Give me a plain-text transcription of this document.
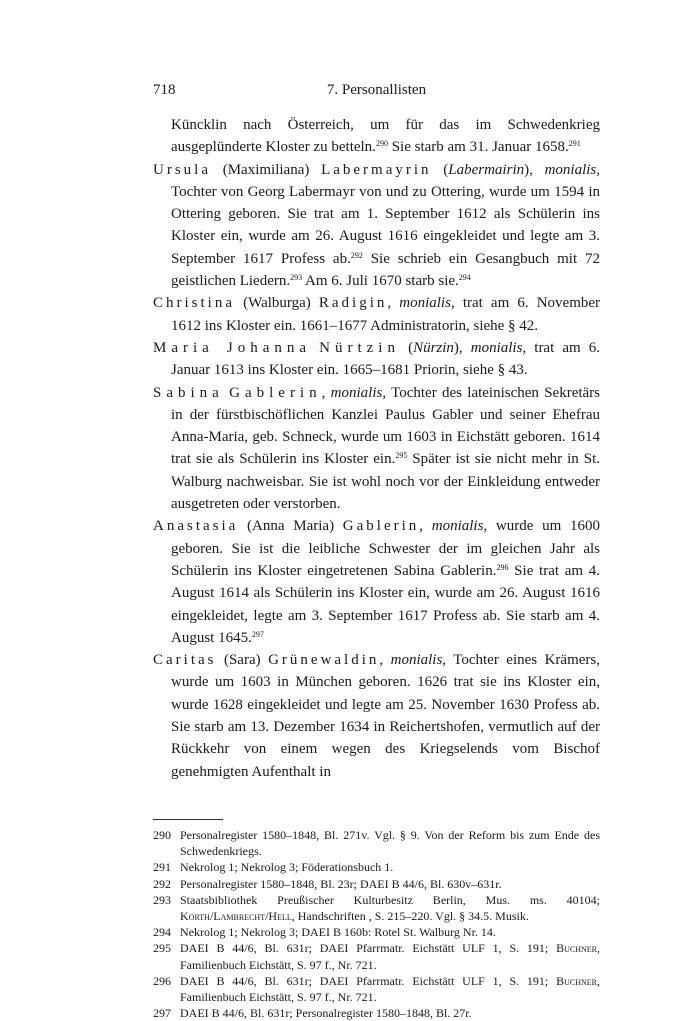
718	7. Personallisten

Küncklin nach Österreich, um für das im Schwedenkrieg ausgeplünderte Kloster zu betteln.$^{290}$ Sie starb am 31. Januar 1658.$^{291}$

Ursula (Maximiliana) Labermayrin (Labermairin), monialis, Tochter von Georg Labermayr von und zu Ottering, wurde um 1594 in Ottering geboren. Sie trat am 1. September 1612 als Schülerin ins Kloster ein, wurde am 26. August 1616 eingekleidet und legte am 3. September 1617 Profess ab.$^{292}$ Sie schrieb ein Gesangbuch mit 72 geistlichen Liedern.$^{293}$ Am 6. Juli 1670 starb sie.$^{294}$

Christina (Walburga) Radigin, monialis, trat am 6. November 1612 ins Kloster ein. 1661–1677 Administratorin, siehe § 42.

Maria Johanna Nürtzin (Nürzin), monialis, trat am 6. Januar 1613 ins Kloster ein. 1665–1681 Priorin, siehe § 43.

Sabina Gablerin, monialis, Tochter des lateinischen Sekretärs in der fürstbischöflichen Kanzlei Paulus Gabler und seiner Ehefrau Anna-Maria, geb. Schneck, wurde um 1603 in Eichstätt geboren. 1614 trat sie als Schülerin ins Kloster ein.$^{295}$ Später ist sie nicht mehr in St. Walburg nachweisbar. Sie ist wohl noch vor der Einkleidung entweder ausgetreten oder verstorben.

Anastasia (Anna Maria) Gablerin, monialis, wurde um 1600 geboren. Sie ist die leibliche Schwester der im gleichen Jahr als Schülerin ins Kloster eingetretenen Sabina Gablerin.$^{296}$ Sie trat am 4. August 1614 als Schülerin ins Kloster ein, wurde am 26. August 1616 eingekleidet, legte am 3. September 1617 Profess ab. Sie starb am 4. August 1645.$^{297}$

Caritas (Sara) Grünewaldin, monialis, Tochter eines Krämers, wurde um 1603 in München geboren. 1626 trat sie ins Kloster ein, wurde 1628 eingekleidet und legte am 25. November 1630 Profess ab. Sie starb am 13. Dezember 1634 in Reichertshofen, vermutlich auf der Rückkehr von einem wegen des Kriegselends vom Bischof genehmigten Aufenthalt in

290 Personalregister 1580–1848, Bl. 271v. Vgl. § 9. Von der Reform bis zum Ende des Schwedenkriegs.
291 Nekrolog 1; Nekrolog 3; Föderationsbuch 1.
292 Personalregister 1580–1848, Bl. 23r; DAEI B 44/6, Bl. 630v–631r.
293 Staatsbibliothek Preußischer Kulturbesitz Berlin, Mus. ms. 40104; Korth/Lambrecht/Hell, Handschriften , S. 215–220. Vgl. § 34.5. Musik.
294 Nekrolog 1; Nekrolog 3; DAEI B 160b: Rotel St. Walburg Nr. 14.
295 DAEI B 44/6, Bl. 631r; DAEI Pfarrmatr. Eichstätt ULF 1, S. 191; Buchner, Familienbuch Eichstätt, S. 97 f., Nr. 721.
296 DAEI B 44/6, Bl. 631r; DAEI Pfarrmatr. Eichstätt ULF 1, S. 191; Buchner, Familienbuch Eichstätt, S. 97 f., Nr. 721.
297 DAEI B 44/6, Bl. 631r; Personalregister 1580–1848, Bl. 27r.
